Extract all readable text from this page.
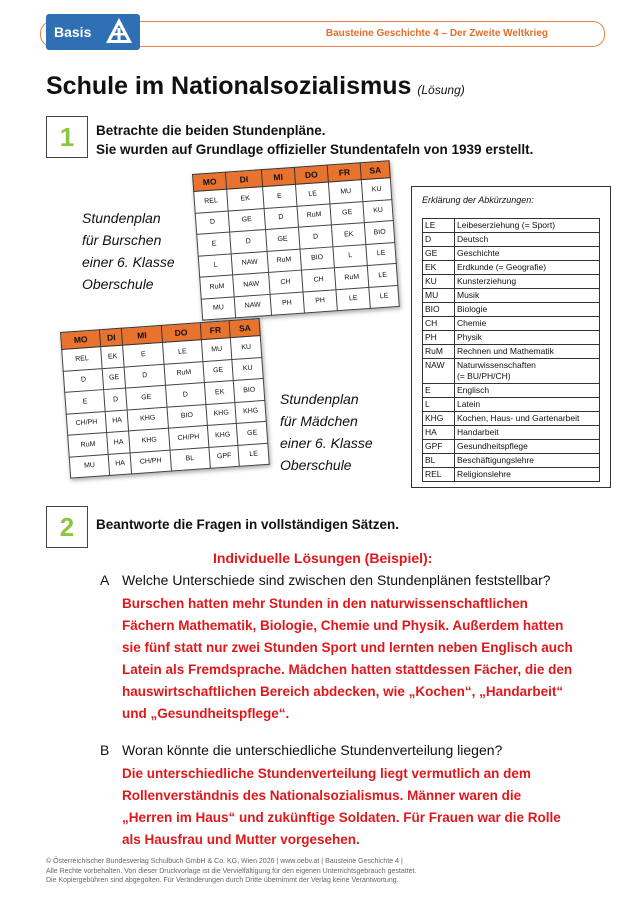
Basis	Bausteine Geschichte 4 – Der Zweite Weltkrieg
Schule im Nationalsozialismus (Lösung)
1	Betrachte die beiden Stundenpläne.
Sie wurden auf Grundlage offizieller Stundentafeln von 1939 erstellt.
MO	DI	MI	DO	FR	SA
REL	EK	E	LE	MU	KU
D	GE	D	RuM	GE	KU
E	D	GE	D	EK	BIO
L	NAW	RuM	BIO	L	LE
RuM	NAW	CH	CH	RuM	LE
MU	NAW	PH	PH	LE	LE
Stundenplan
für Burschen
einer 6. Klasse
Oberschule
MO	DI	MI	DO	FR	SA
REL	EK	E	LE	MU	KU
D	GE	D	RuM	GE	KU
E	D	GE	D	EK	BIO
CH/PH	HA	KHG	BIO	KHG	KHG
RuM	HA	KHG	CH/PH	KHG	GE
MU	HA	CH/PH	BL	GPF	LE
Stundenplan
für Mädchen
einer 6. Klasse
Oberschule
Erklärung der Abkürzungen:
LE	Leibeserziehung (= Sport)
D	Deutsch
GE	Geschichte
EK	Erdkunde (= Geografie)
KU	Kunsterziehung
MU	Musik
BIO	Biologie
CH	Chemie
PH	Physik
RuM	Rechnen und Mathematik
NAW	Naturwissenschaften
(= BU/PH/CH)
E	Englisch
L	Latein
KHG	Kochen, Haus- und Gartenarbeit
HA	Handarbeit
GPF	Gesundheitspflege
BL	Beschäftigungslehre
REL	Religionslehre
2	Beantworte die Fragen in vollständigen Sätzen.
Individuelle Lösungen (Beispiel):
A Welche Unterschiede sind zwischen den Stundenplänen feststellbar?
Burschen hatten mehr Stunden in den naturwissenschaftlichen
Fächern Mathematik, Biologie, Chemie und Physik. Außerdem hatten
sie fünf statt nur zwei Stunden Sport und lernten neben Englisch auch
Latein als Fremdsprache. Mädchen hatten stattdessen Fächer, die den
hauswirtschaftlichen Bereich abdecken, wie „Kochen“, „Handarbeit“
und „Gesundheitspflege“.
B Woran könnte die unterschiedliche Stundenverteilung liegen?
Die unterschiedliche Stundenverteilung liegt vermutlich an dem
Rollenverständnis des Nationalsozialismus. Männer waren die
„Herren im Haus“ und zukünftige Soldaten. Für Frauen war die Rolle
als Hausfrau und Mutter vorgesehen.
© Österreichischer Bundesverlag Schulbuch GmbH & Co. KG, Wien 2026 | www.oebv.at | Bausteine Geschichte 4 |
Alle Rechte vorbehalten. Von dieser Druckvorlage ist die Vervielfältigung für den eigenen Unterrichtsgebrauch gestattet.
Die Kopiergebühren sind abgegolten. Für Veränderungen durch Dritte übernimmt der Verlag keine Verantwortung.
